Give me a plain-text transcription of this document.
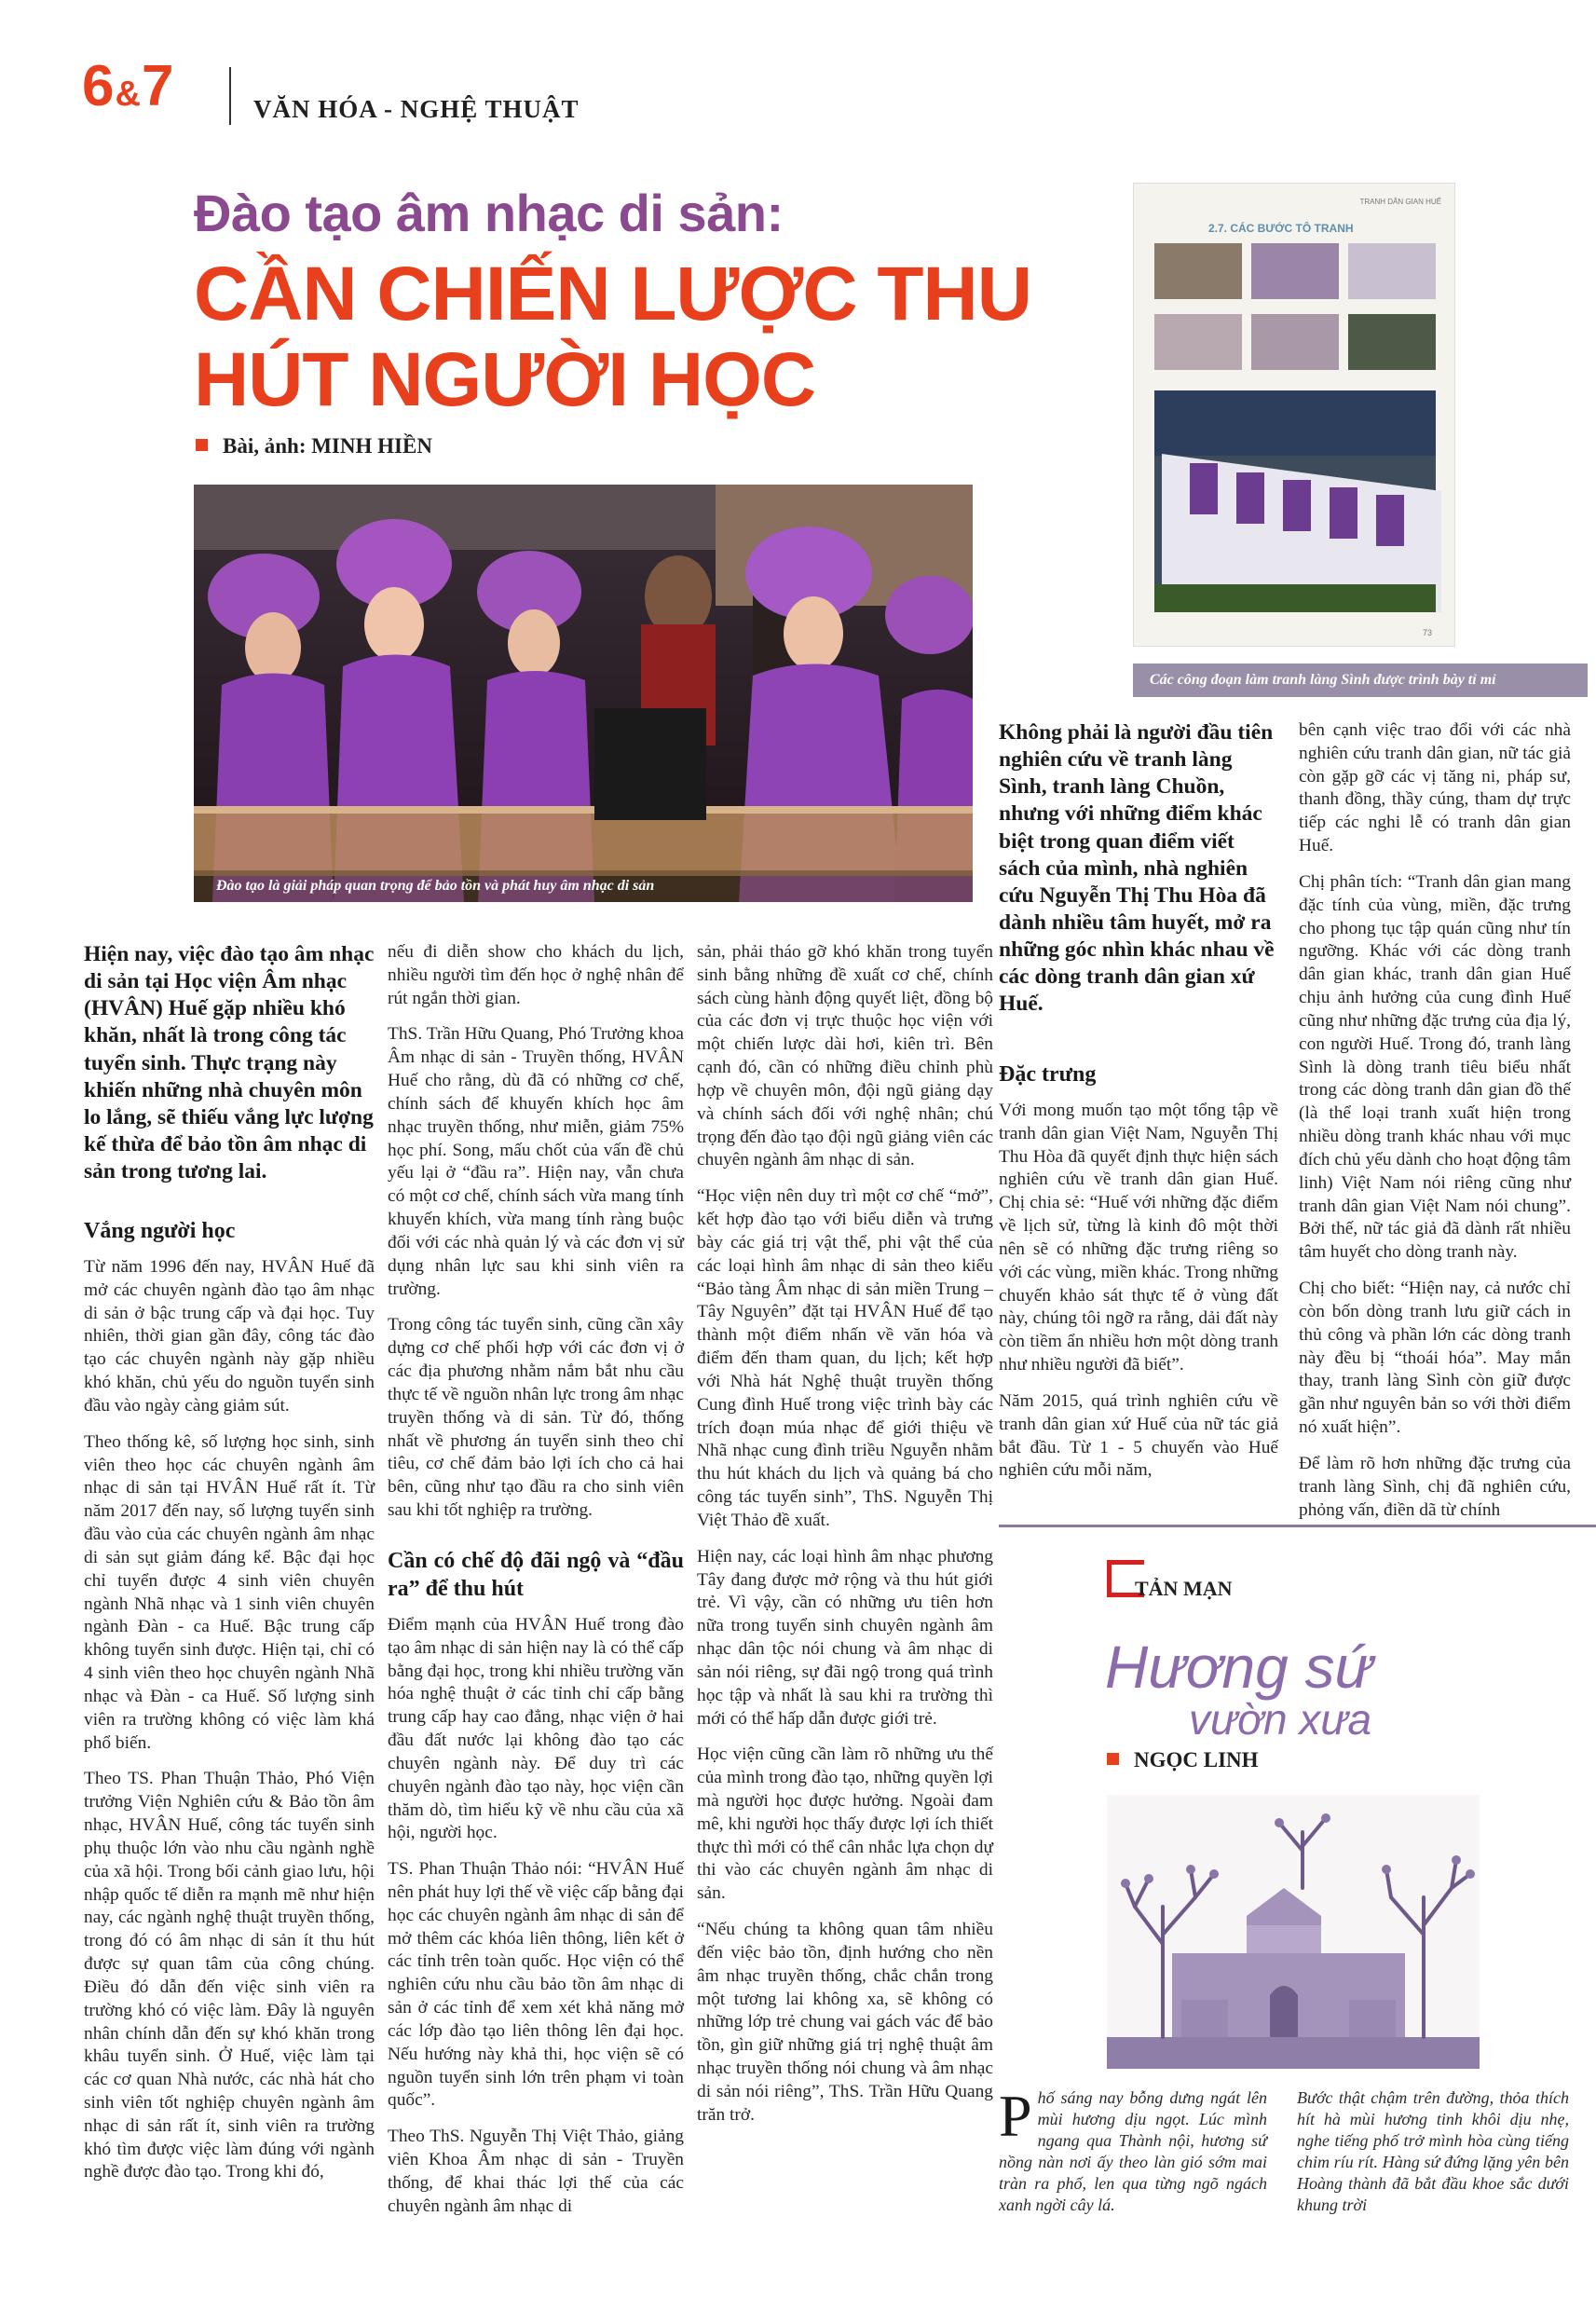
6&7	VĂN HÓA - NGHỆ THUẬT
Đào tạo âm nhạc di sản:
CẦN CHIẾN LƯỢC THU HÚT NGƯỜI HỌC
Bài, ảnh: MINH HIỀN
Đào tạo là giải pháp quan trọng để bảo tồn và phát huy âm nhạc di sản
TRANH DÂN GIAN HUẾ
2.7. CÁC BƯỚC TÔ TRANH
73
Các công đoạn làm tranh làng Sình được trình bày tỉ mỉ
Hiện nay, việc đào tạo âm nhạc di sản tại Học viện Âm nhạc (HVÂN) Huế gặp nhiều khó khăn, nhất là trong công tác tuyển sinh. Thực trạng này khiến những nhà chuyên môn lo lắng, sẽ thiếu vắng lực lượng kế thừa để bảo tồn âm nhạc di sản trong tương lai.
Vắng người học

Từ năm 1996 đến nay, HVÂN Huế đã mở các chuyên ngành đào tạo âm nhạc di sản ở bậc trung cấp và đại học. Tuy nhiên, thời gian gần đây, công tác đào tạo các chuyên ngành này gặp nhiều khó khăn, chủ yếu do nguồn tuyển sinh đầu vào ngày càng giảm sút.

Theo thống kê, số lượng học sinh, sinh viên theo học các chuyên ngành âm nhạc di sản tại HVÂN Huế rất ít. Từ năm 2017 đến nay, số lượng tuyển sinh đầu vào của các chuyên ngành âm nhạc di sản sụt giảm đáng kể. Bậc đại học chỉ tuyển được 4 sinh viên chuyên ngành Nhã nhạc và 1 sinh viên chuyên ngành Đàn - ca Huế. Bậc trung cấp không tuyển sinh được. Hiện tại, chỉ có 4 sinh viên theo học chuyên ngành Nhã nhạc và Đàn - ca Huế. Số lượng sinh viên ra trường không có việc làm khá phổ biến.

Theo TS. Phan Thuận Thảo, Phó Viện trưởng Viện Nghiên cứu & Bảo tồn âm nhạc, HVÂN Huế, công tác tuyển sinh phụ thuộc lớn vào nhu cầu ngành nghề của xã hội. Trong bối cảnh giao lưu, hội nhập quốc tế diễn ra mạnh mẽ như hiện nay, các ngành nghệ thuật truyền thống, trong đó có âm nhạc di sản ít thu hút được sự quan tâm của công chúng. Điều đó dẫn đến việc sinh viên ra trường khó có việc làm. Đây là nguyên nhân chính dẫn đến sự khó khăn trong khâu tuyển sinh. Ở Huế, việc làm tại các cơ quan Nhà nước, các nhà hát cho sinh viên tốt nghiệp chuyên ngành âm nhạc di sản rất ít, sinh viên ra trường khó tìm được việc làm đúng với ngành nghề được đào tạo. Trong khi đó,

nếu đi diễn show cho khách du lịch, nhiều người tìm đến học ở nghệ nhân để rút ngắn thời gian.

ThS. Trần Hữu Quang, Phó Trưởng khoa Âm nhạc di sản - Truyền thống, HVÂN Huế cho rằng, dù đã có những cơ chế, chính sách để khuyến khích học âm nhạc truyền thống, như miễn, giảm 75% học phí. Song, mấu chốt của vấn đề chủ yếu lại ở “đầu ra”. Hiện nay, vẫn chưa có một cơ chế, chính sách vừa mang tính khuyến khích, vừa mang tính ràng buộc đối với các nhà quản lý và các đơn vị sử dụng nhân lực sau khi sinh viên ra trường.

Trong công tác tuyển sinh, cũng cần xây dựng cơ chế phối hợp với các đơn vị ở các địa phương nhằm nắm bắt nhu cầu thực tế về nguồn nhân lực trong âm nhạc truyền thống và di sản. Từ đó, thống nhất về phương án tuyển sinh theo chỉ tiêu, cơ chế đảm bảo lợi ích cho cả hai bên, cũng như tạo đầu ra cho sinh viên sau khi tốt nghiệp ra trường.

Cần có chế độ đãi ngộ và “đầu ra” để thu hút

Điểm mạnh của HVÂN Huế trong đào tạo âm nhạc di sản hiện nay là có thể cấp bằng đại học, trong khi nhiều trường văn hóa nghệ thuật ở các tỉnh chỉ cấp bằng trung cấp hay cao đẳng, nhạc viện ở hai đầu đất nước lại không đào tạo các chuyên ngành này. Để duy trì các chuyên ngành đào tạo này, học viện cần thăm dò, tìm hiểu kỹ về nhu cầu của xã hội, người học.

TS. Phan Thuận Thảo nói: “HVÂN Huế nên phát huy lợi thế về việc cấp bằng đại học các chuyên ngành âm nhạc di sản để mở thêm các khóa liên thông, liên kết ở các tỉnh trên toàn quốc. Học viện có thể nghiên cứu nhu cầu bảo tồn âm nhạc di sản ở các tỉnh để xem xét khả năng mở các lớp đào tạo liên thông lên đại học. Nếu hướng này khả thi, học viện sẽ có nguồn tuyển sinh lớn trên phạm vi toàn quốc”.

Theo ThS. Nguyễn Thị Việt Thảo, giảng viên Khoa Âm nhạc di sản - Truyền thống, để khai thác lợi thế của các chuyên ngành âm nhạc di

sản, phải tháo gỡ khó khăn trong tuyển sinh bằng những đề xuất cơ chế, chính sách cùng hành động quyết liệt, đồng bộ của các đơn vị trực thuộc học viện với một chiến lược dài hơi, kiên trì. Bên cạnh đó, cần có những điều chỉnh phù hợp về chuyên môn, đội ngũ giảng dạy và chính sách đối với nghệ nhân; chú trọng đến đào tạo đội ngũ giảng viên các chuyên ngành âm nhạc di sản.

“Học viện nên duy trì một cơ chế “mở”, kết hợp đào tạo với biểu diễn và trưng bày các giá trị vật thể, phi vật thể của các loại hình âm nhạc di sản theo kiểu “Bảo tàng Âm nhạc di sản miền Trung – Tây Nguyên” đặt tại HVÂN Huế để tạo thành một điểm nhấn về văn hóa và điểm đến tham quan, du lịch; kết hợp với Nhà hát Nghệ thuật truyền thống Cung đình Huế trong việc trình bày các trích đoạn múa nhạc để giới thiệu về Nhã nhạc cung đình triều Nguyễn nhằm thu hút khách du lịch và quảng bá cho công tác tuyển sinh”, ThS. Nguyễn Thị Việt Thảo đề xuất.

Hiện nay, các loại hình âm nhạc phương Tây đang được mở rộng và thu hút giới trẻ. Vì vậy, cần có những ưu tiên hơn nữa trong tuyển sinh chuyên ngành âm nhạc dân tộc nói chung và âm nhạc di sản nói riêng, sự đãi ngộ trong quá trình học tập và nhất là sau khi ra trường thì mới có thể hấp dẫn được giới trẻ.

Học viện cũng cần làm rõ những ưu thế của mình trong đào tạo, những quyền lợi mà người học được hưởng. Ngoài đam mê, khi người học thấy được lợi ích thiết thực thì mới có thể cân nhắc lựa chọn dự thi vào các chuyên ngành âm nhạc di sản.

“Nếu chúng ta không quan tâm nhiều đến việc bảo tồn, định hướng cho nền âm nhạc truyền thống, chắc chắn trong một tương lai không xa, sẽ không có những lớp trẻ chung vai gách vác để bảo tồn, gìn giữ những giá trị nghệ thuật âm nhạc truyền thống nói chung và âm nhạc di sản nói riêng”, ThS. Trần Hữu Quang trăn trở.

Không phải là người đầu tiên nghiên cứu về tranh làng Sình, tranh làng Chuồn, nhưng với những điểm khác biệt trong quan điểm viết sách của mình, nhà nghiên cứu Nguyễn Thị Thu Hòa đã dành nhiều tâm huyết, mở ra những góc nhìn khác nhau về các dòng tranh dân gian xứ Huế.
Đặc trưng

Với mong muốn tạo một tổng tập về tranh dân gian Việt Nam, Nguyễn Thị Thu Hòa đã quyết định thực hiện sách nghiên cứu về tranh dân gian Huế. Chị chia sẻ: “Huế với những đặc điểm về lịch sử, từng là kinh đô một thời nên sẽ có những đặc trưng riêng so với các vùng, miền khác. Trong những chuyến khảo sát thực tế ở vùng đất này, chúng tôi ngỡ ra rằng, dải đất này còn tiềm ẩn nhiều hơn một dòng tranh như nhiều người đã biết”.

Năm 2015, quá trình nghiên cứu về tranh dân gian xứ Huế của nữ tác giả bắt đầu. Từ 1 - 5 chuyến vào Huế nghiên cứu mỗi năm,

bên cạnh việc trao đổi với các nhà nghiên cứu tranh dân gian, nữ tác giả còn gặp gỡ các vị tăng ni, pháp sư, thanh đồng, thầy cúng, tham dự trực tiếp các nghi lễ có tranh dân gian Huế.

Chị phân tích: “Tranh dân gian mang đặc tính của vùng, miền, đặc trưng cho phong tục tập quán cũng như tín ngưỡng. Khác với các dòng tranh dân gian khác, tranh dân gian Huế chịu ảnh hưởng của cung đình Huế cũng như những đặc trưng của địa lý, con người Huế. Trong đó, tranh làng Sình là dòng tranh tiêu biểu nhất trong các dòng tranh dân gian đồ thế (là thể loại tranh xuất hiện trong nhiều dòng tranh khác nhau với mục đích chủ yếu dành cho hoạt động tâm linh) Việt Nam nói riêng cũng như tranh dân gian Việt Nam nói chung”. Bởi thế, nữ tác giả đã dành rất nhiều tâm huyết cho dòng tranh này.

Chị cho biết: “Hiện nay, cả nước chỉ còn bốn dòng tranh lưu giữ cách in thủ công và phần lớn các dòng tranh này đều bị “thoái hóa”. May mắn thay, tranh làng Sình còn giữ được gần như nguyên bản so với thời điểm nó xuất hiện”.

Để làm rõ hơn những đặc trưng của tranh làng Sình, chị đã nghiên cứu, phỏng vấn, điền dã từ chính

TẢN MẠN
Hương sứ
vườn xưa
NGỌC LINH
Phố sáng nay bỗng dưng ngát lên mùi hương dịu ngọt. Lúc mình ngang qua Thành nội, hương sứ nồng nàn nơi ấy theo làn gió sớm mai tràn ra phố, len qua từng ngõ ngách xanh ngời cây lá.
Bước thật chậm trên đường, thỏa thích hít hà mùi hương tinh khôi dịu nhẹ, nghe tiếng phố trở mình hòa cùng tiếng chim ríu rít. Hàng sứ đứng lặng yên bên Hoàng thành đã bắt đầu khoe sắc dưới khung trời
